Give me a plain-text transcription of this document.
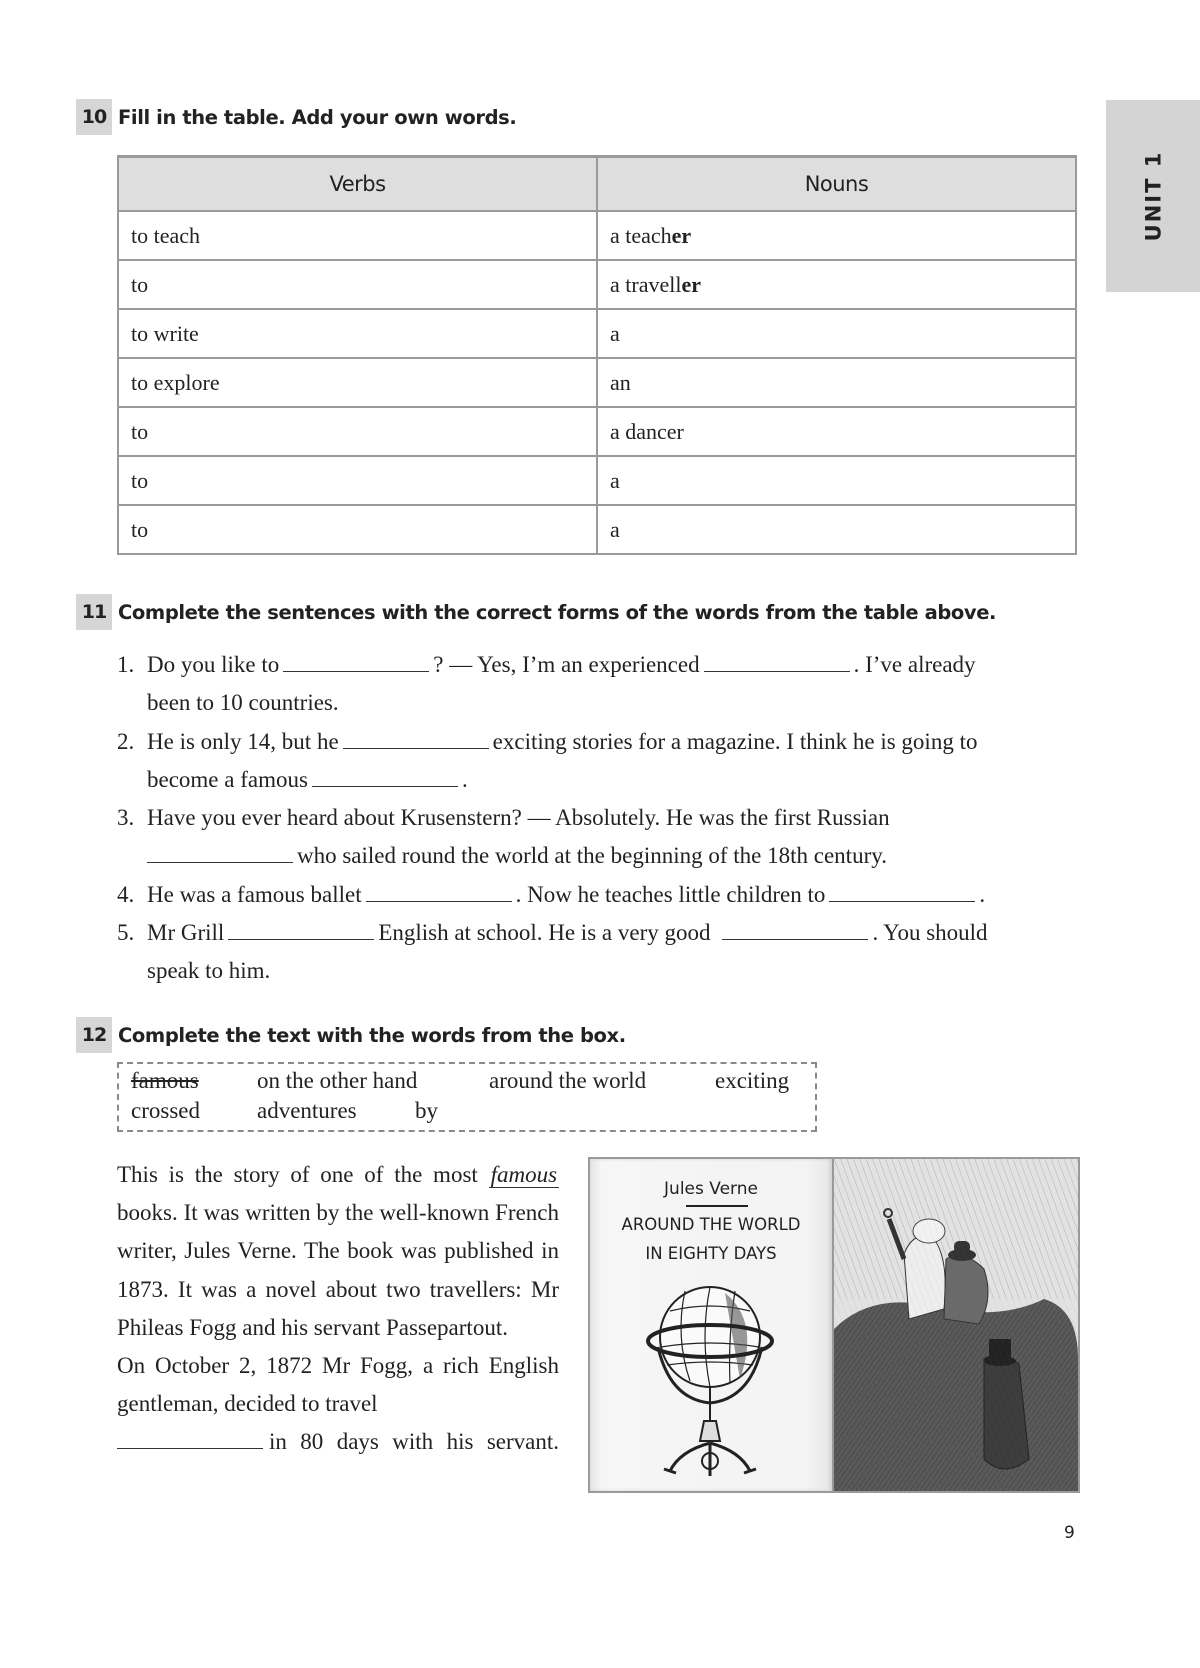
UNIT 1
10 Fill in the table. Add your own words.
Verbs	Nouns
to teach	a teacher
to	a traveller
to write	a
to explore	an
to	a dancer
to	a
to	a
11 Complete the sentences with the correct forms of the words from the table above.
1. Do you like to	? — Yes, I’m an experienced	. I’ve already
been to 10 countries.
2. He is only 14, but he	exciting stories for a magazine. I think he is going to
become a famous	.
3. Have you ever heard about Krusenstern? — Absolutely. He was the first Russian
who sailed round the world at the beginning of the 18th century.
4. He was a famous ballet	. Now he teaches little children to	.
5. Mr Grill	English at school. He is a very good	. You should
speak to him.
12 Complete the text with the words from the box.
famous	on the other hand	around the world	exciting
crossed adventures	by

This is the story of one of the most famous books. It was written by the well-known French writer, Jules Verne. The book was published in 1873. It was a novel about two travellers: Mr Phileas Fogg and his servant Passepartout.

On October 2, 1872 Mr Fogg, a rich English gentleman, decided to travel

in 80 days with his servant.

Jules Verne
AROUND THE WORLD
IN EIGHTY DAYS
9
